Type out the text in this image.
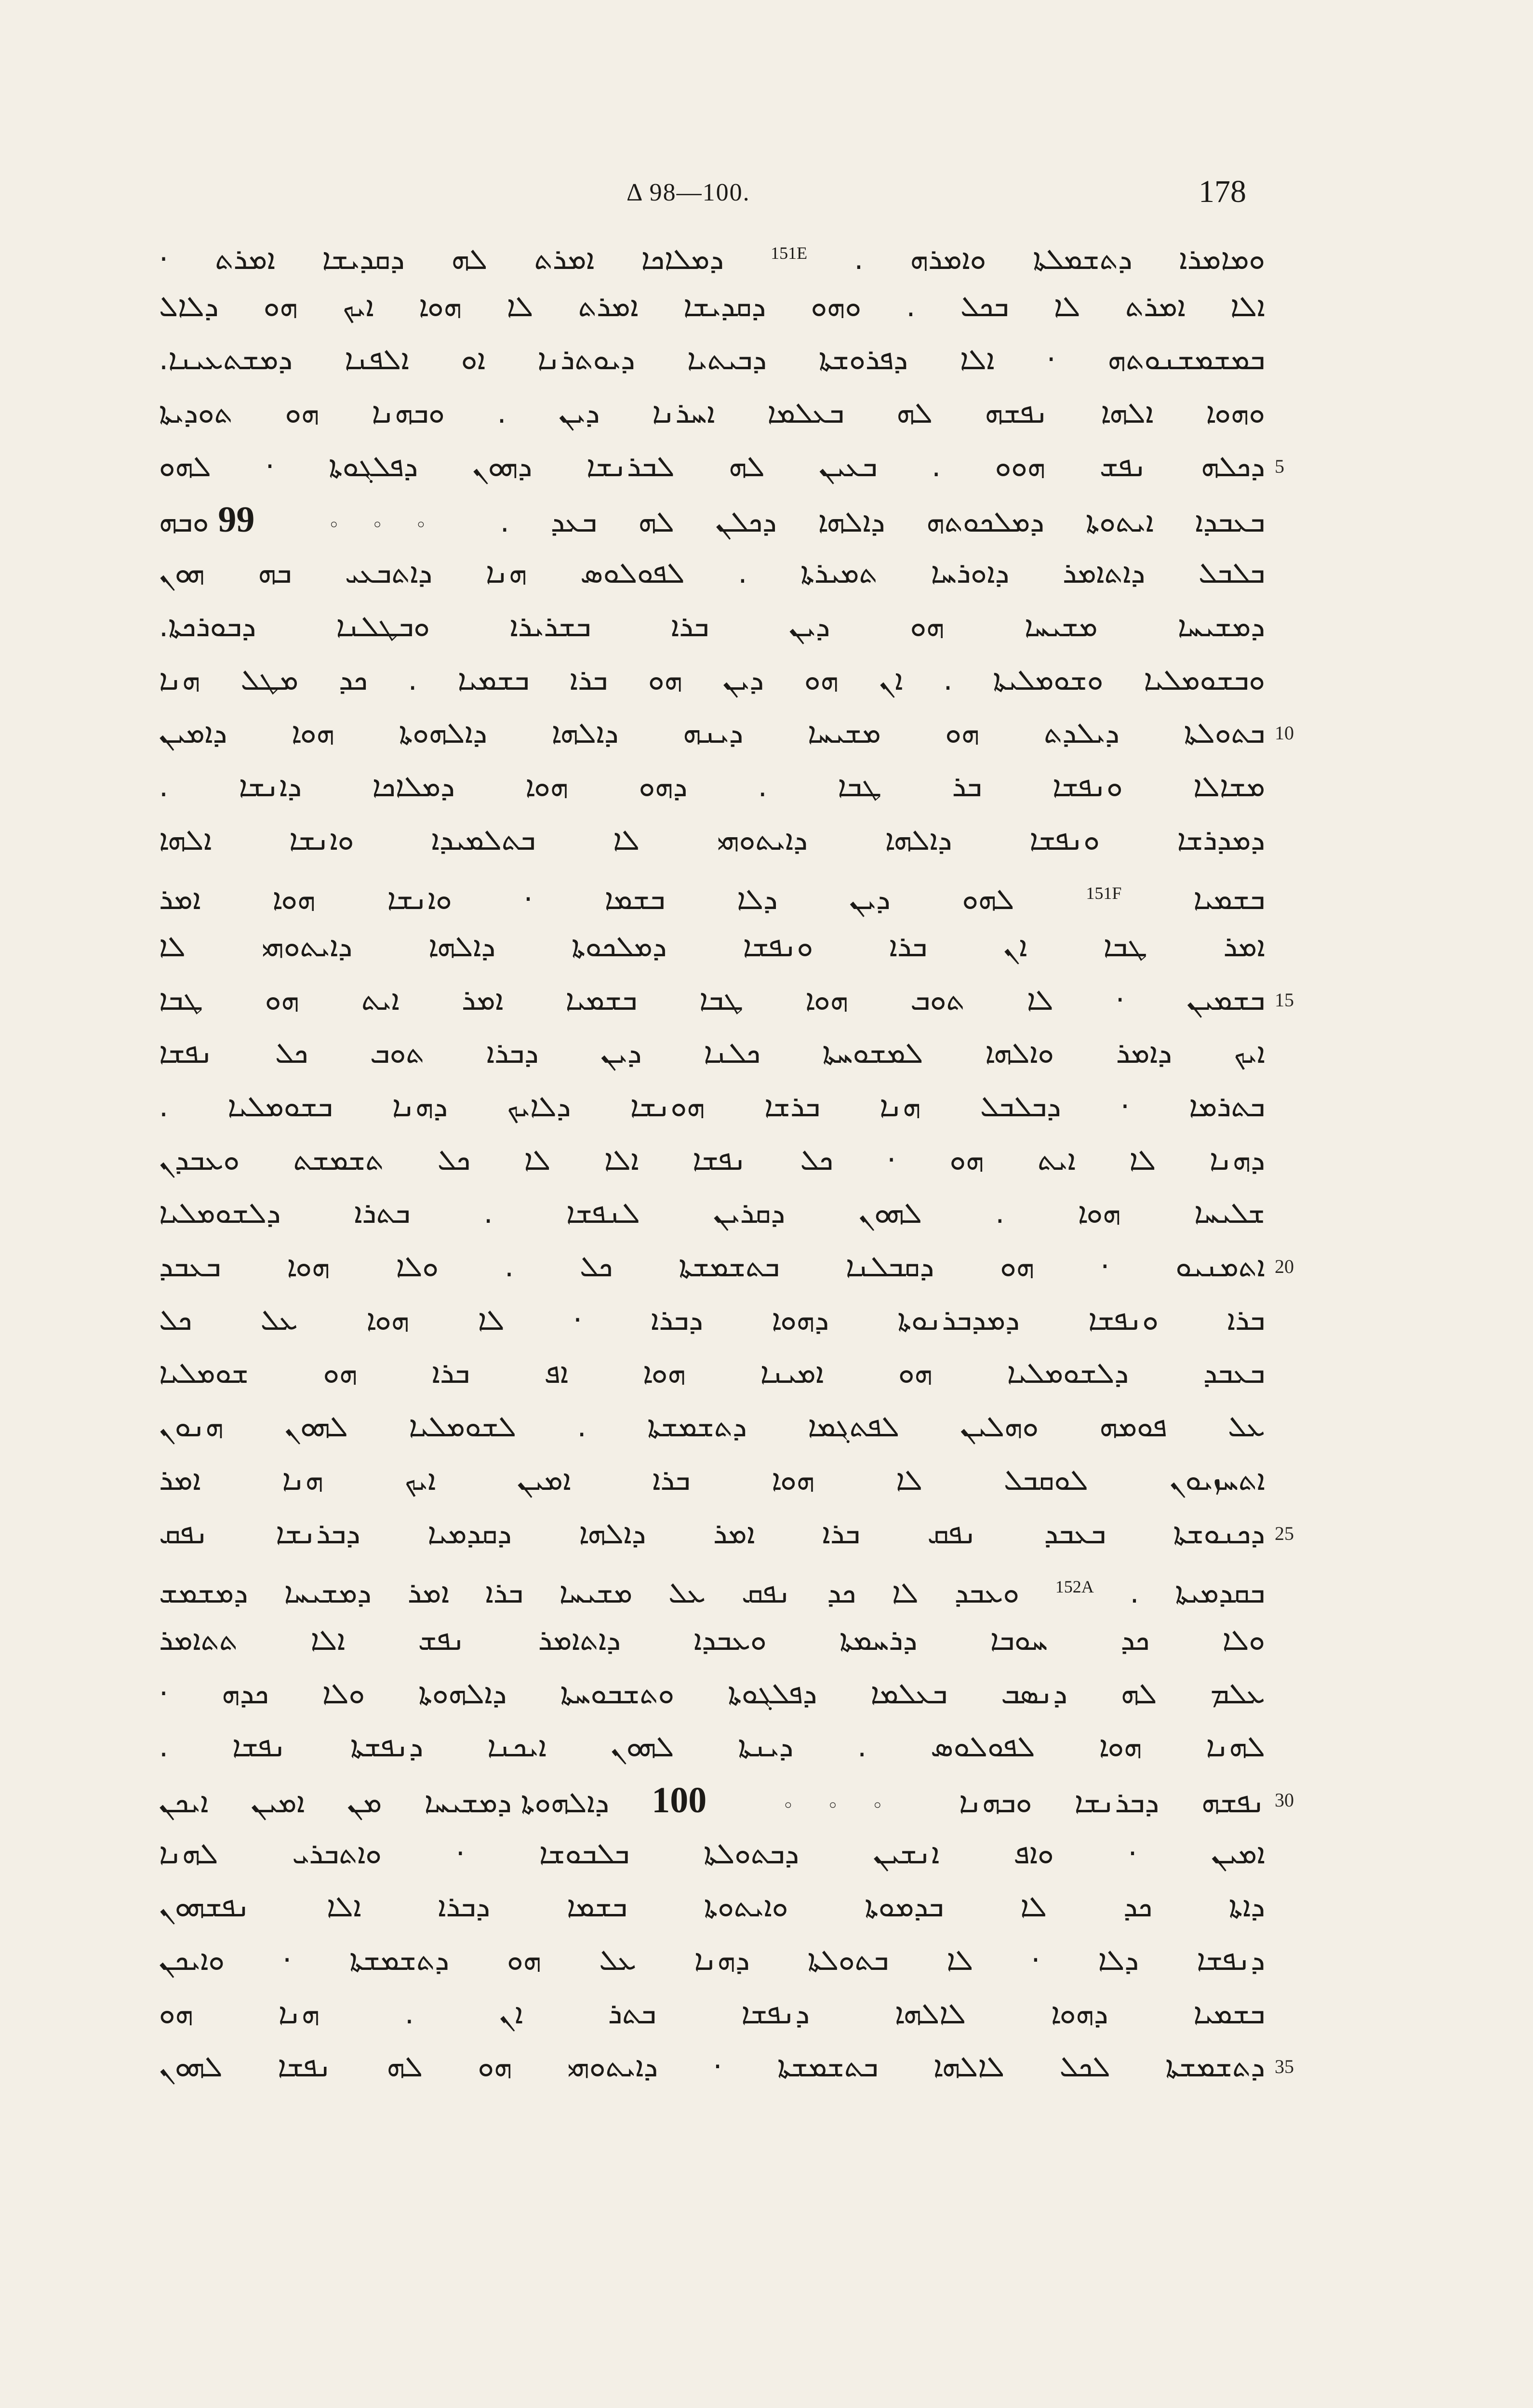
Δ 98—100.	178
ܘܡܐܡܪܐ ܕܬܫܡܠܬܐ ܘܐܡܪܗ . $^{151E}$ ܕܡܠܐܟܐ ܐܡܪܬ ܠܗ ܕܩܕܝܫܐ ܐܡܪܬ ·
ܐܠܐ ܐܡܪܬ ܠܐ ܒܟܠ . ܘܗܘ ܕܩܕܝܫܐ ܐܡܪܬ ܠܐ ܗܘܐ ܐܝܟ ܗܘ ܕܠܐܠ
ܒܡܫܡܫܢܘܬܗ · ܐܠܐ ܕܦܪܘܫܬܐ ܕܒܝܬܝܐ ܕܝܘܬܪܢܐ ܐܘ ܐܠܦܢܐ ܕܡܫܬܥܝܢܐ.
ܘܗܘܐ ܐܠܗܐ ܢܦܫܗ ܠܗ ܒܥܠܡܐ ܐܚܪܢܐ ܕܝܢ . ܘܒܗܢܐ ܗܘ ܬܘܕܝܬܐ
ܕܟܠܗ ܢܦܫ ܗܘܘ . ܒܥܝܢ ܠܗ ܠܒܪܢܫܐ ܕܗܘܢ ܕܦܠܓܘܬܐ · ܠܗܘ 5
ܒܥܒܕܐ ܐܝܬܘܬܐ ܕܡܠܟܘܬܗ ܕܐܠܗܐ ܕܟܠܢ ܠܗ ܒܥܕ . ◦◦◦ 99 ܘܒܗ
ܒܠܒܠ ܕܐܬܐܡܪ ܕܐܘܪܚܐ ܬܡܝܪܬܐ . ܠܦܘܠܘܣ ܗܢܐ ܕܐܬܒܥܝ ܒܗ ܗܘܢ
ܕܡܫܝܚܐ ܡܫܝܚܐ ܗܘ ܕܝܢ ܒܪܐ ܒܫܪܝܪܐ ܘܒܛܠܢܐ ܕܒܘܪܟܬܐ.
ܘܒܫܘܡܠܝܐ ܘܫܘܡܠܝܬܐ . ܐܢ ܗܘ ܕܝܢ ܗܘ ܒܪܐ ܒܫܡܝܐ . ܟܕ ܡܛܠ ܗܢܐ
ܒܬܘܠܬܐ ܕܝܠܕܬ ܗܘ ܡܫܝܚܐ ܕܝܢܗ ܕܐܠܗܐ ܕܐܠܗܘܬܐ ܗܘܐ ܕܐܡܝܢ 10
ܡܫܐܠܐ ܘܢܦܫܐ ܒܪ ܛܒܐ . ܕܗܘ ܗܘܐ ܕܡܠܐܟܐ ܕܐܢܫܐ .
ܕܡܕܪܫܐ ܘܢܦܫܐ ܕܐܠܗܐ ܕܐܝܬܘܗܝ ܠܐ ܒܬܠܡܝܕܐ ܘܐܢܫܐ ܐܠܗܐ
ܒܫܡܝܐ $^{151F}$ ܠܗܘ ܕܝܢ ܕܠܐ ܒܫܡܐ · ܘܐܢܫܐ ܗܘܐ ܐܡܪ
ܐܡܪ ܛܒܐ ܐܢ ܒܪܐ ܘܢܦܫܐ ܕܡܠܟܘܬܐ ܕܐܠܗܐ ܕܐܝܬܘܗܝ ܠܐ
ܒܫܡܝܢ · ܠܐ ܬܘܒ ܗܘܐ ܛܒܐ ܒܫܡܝܐ ܐܡܪ ܐܝܬ ܗܘ ܛܒܐ 15
ܐܝܟ ܕܐܡܪ ܘܐܠܗܐ ܠܡܫܘܚܬܐ ܟܠܢܐ ܕܝܢ ܕܒܪܐ ܬܘܒ ܟܠ ܢܦܫܐ
ܒܬܪܡܐ · ܕܒܠܒܠ ܗܢܐ ܒܪܫܐ ܗܘܢܫܐ ܕܠܐܝܟ ܕܗܢܐ ܒܫܘܡܠܝܐ .
ܕܗܢܐ ܠܐ ܐܝܬ ܗܘ · ܟܠ ܢܦܫܐ ܐܠܐ ܠܐ ܟܠ ܬܫܡܫܬ ܘܥܒܕܢ
ܫܠܝܚܐ ܗܘܐ . ܠܗܘܢ ܕܩܪܝܢ ܠܢܦܫܐ . ܒܬܪܐ ܕܠܫܘܡܠܝܐ
ܐܬܡܢܝܘ · ܗܘ ܕܩܒܠܢܐ ܒܬܫܡܫܬܐ ܟܠ . ܘܠܐ ܗܘܐ ܒܥܒܕ 20
ܒܪܐ ܘܢܦܫܐ ܕܡܕܒܪܢܘܬܐ ܕܗܘܐ ܕܒܪܐ · ܠܐ ܗܘܐ ܥܠ ܟܠ
ܒܥܒܕ ܕܠܫܘܡܠܝܐ ܗܘ ܐܡܝܢܐ ܗܘܐ ܐܦ ܒܪܐ ܗܘ ܫܘܡܠܝܐ
ܥܠ ܦܘܡܗ ܘܗܠܝܢ ܠܦܬܓܡܐ ܕܬܫܡܫܬܐ . ܠܫܘܡܠܝܐ ܠܗܘܢ ܗܢܘܢ
ܐܬܚܙܝܘܢ ܠܘܩܒܠ ܠܐ ܗܘܐ ܒܪܐ ܐܡܝܢ ܐܝܟ ܗܢܐ ܐܡܪ
ܕܟܢܘܫܬܐ ܒܥܒܕ ܢܦܩ ܒܪܐ ܐܡܪ ܕܐܠܗܐ ܕܩܕܡܝܐ ܕܒܪܢܫܐ ܢܦܩ 25
ܒܩܕܡܝܬܐ . $^{152A}$ ܘܥܒܕ ܠܐ ܟܕ ܢܦܩ ܥܠ ܡܫܝܚܐ ܒܪܐ ܐܡܪ ܕܡܫܝܚܐ ܕܡܫܡܫ
ܘܠܐ ܟܕ ܚܘܒܐ ܕܪܚܡܬܐ ܘܥܒܕܐ ܕܐܬܐܡܪ ܢܦܫ ܐܠܐ ܬܬܐܡܪ
ܥܠܡ ܠܗ ܕܢܣܒ ܒܥܠܡܐ ܕܦܠܓܘܬܐ ܘܬܫܒܘܚܬܐ ܕܐܠܗܘܬܐ ܘܠܐ ܟܕܗ ·
ܠܗܢܐ ܗܘܐ ܠܦܘܠܘܣ . ܕܝܢܬܐ ܠܗܘܢ ܐܝܟܢܐ ܕܢܦܫܬܐ ܢܦܫܐ .
ܢܦܫܗ ܕܒܪܢܫܐ ܘܒܗܢܐ ◦◦◦ 100 ܕܐܠܗܘܬܐ ܕܡܫܝܚܐ ܡܢ ܐܡܝܢ ܐܝܟܢ	30
ܐܡܝܢ · ܘܐܦ ܐܢܫܝܢ ܕܒܬܘܠܬܐ ܒܠܒܘܫܐ · ܘܐܬܒܪܝ ܠܗܢܐ
ܕܐܬܐ ܟܕ ܠܐ ܒܕܡܘܬܐ ܘܐܝܬܘܬܐ ܒܫܡܐ ܕܒܪܐ ܐܠܐ ܢܦܫܗܘܢ
ܕܢܦܫܐ ܕܠܐ · ܠܐ ܒܬܘܠܬܐ ܕܗܢܐ ܥܠ ܗܘ ܕܬܫܡܫܬܐ · ܘܐܝܟܢ
ܒܫܡܝܐ ܕܗܘܐ ܠܐܠܗܐ ܕܢܦܫܐ ܒܬܪ ܐܢ . ܗܢܐ ܗܘ
ܕܬܫܡܫܬܐ ܠܟܠ ܠܐܠܗܐ ܒܬܫܡܫܬܐ · ܕܐܝܬܘܗܝ ܗܘ ܠܗ ܢܦܫܐ ܠܗܘܢ 35
